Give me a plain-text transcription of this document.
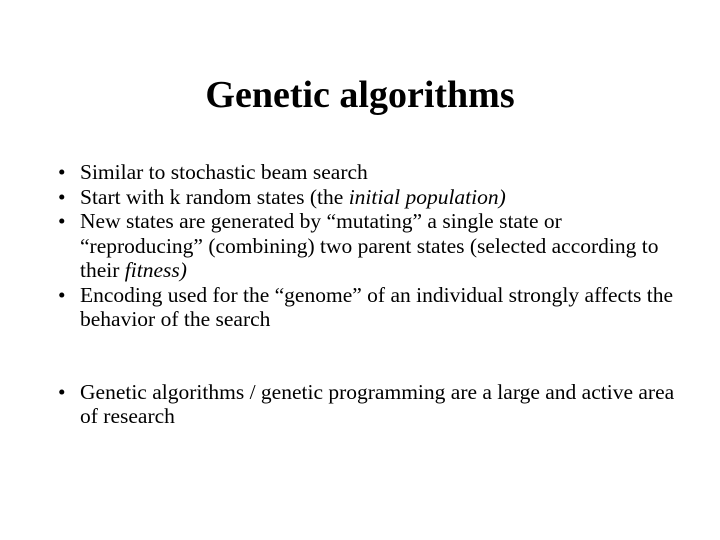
Genetic algorithms
• Similar to stochastic beam search
• Start with k random states (the initial population)
• New states are generated by “mutating” a single state or “reproducing” (combining) two parent states (selected according to their fitness)
• Encoding used for the “genome” of an individual strongly affects the behavior of the search
• Genetic algorithms / genetic programming are a large and active area of research
